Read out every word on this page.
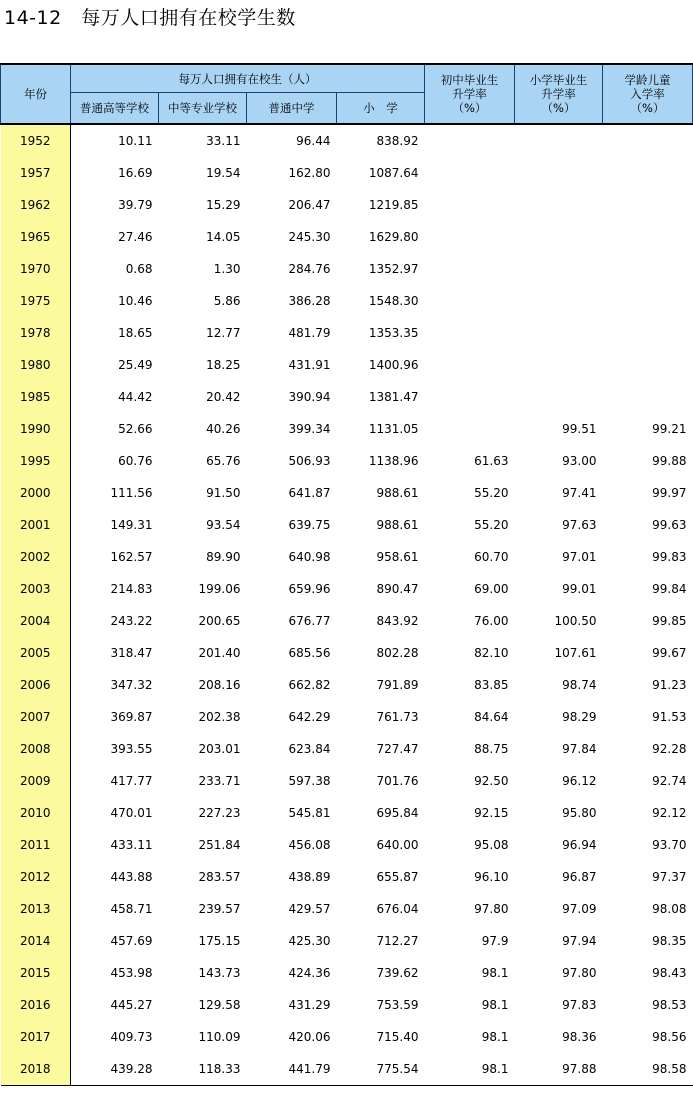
14-12　每万人口拥有在校学生数
年份	每万人口拥有在校生（人）				初中毕业生
升学率
（%）	小学毕业生
升学率
（%）	学龄儿童
入学率
（%）
	普通高等学校	中等专业学校	普通中学	小　学			
1952	10.11	33.11	96.44	838.92			
1957	16.69	19.54	162.80	1087.64			
1962	39.79	15.29	206.47	1219.85			
1965	27.46	14.05	245.30	1629.80			
1970	0.68	1.30	284.76	1352.97			
1975	10.46	5.86	386.28	1548.30			
1978	18.65	12.77	481.79	1353.35			
1980	25.49	18.25	431.91	1400.96			
1985	44.42	20.42	390.94	1381.47			
1990	52.66	40.26	399.34	1131.05		99.51	99.21
1995	60.76	65.76	506.93	1138.96	61.63	93.00	99.88
2000	111.56	91.50	641.87	988.61	55.20	97.41	99.97
2001	149.31	93.54	639.75	988.61	55.20	97.63	99.63
2002	162.57	89.90	640.98	958.61	60.70	97.01	99.83
2003	214.83	199.06	659.96	890.47	69.00	99.01	99.84
2004	243.22	200.65	676.77	843.92	76.00	100.50	99.85
2005	318.47	201.40	685.56	802.28	82.10	107.61	99.67
2006	347.32	208.16	662.82	791.89	83.85	98.74	91.23
2007	369.87	202.38	642.29	761.73	84.64	98.29	91.53
2008	393.55	203.01	623.84	727.47	88.75	97.84	92.28
2009	417.77	233.71	597.38	701.76	92.50	96.12	92.74
2010	470.01	227.23	545.81	695.84	92.15	95.80	92.12
2011	433.11	251.84	456.08	640.00	95.08	96.94	93.70
2012	443.88	283.57	438.89	655.87	96.10	96.87	97.37
2013	458.71	239.57	429.57	676.04	97.80	97.09	98.08
2014	457.69	175.15	425.30	712.27	97.9	97.94	98.35
2015	453.98	143.73	424.36	739.62	98.1	97.80	98.43
2016	445.27	129.58	431.29	753.59	98.1	97.83	98.53
2017	409.73	110.09	420.06	715.40	98.1	98.36	98.56
2018	439.28	118.33	441.79	775.54	98.1	97.88	98.58
